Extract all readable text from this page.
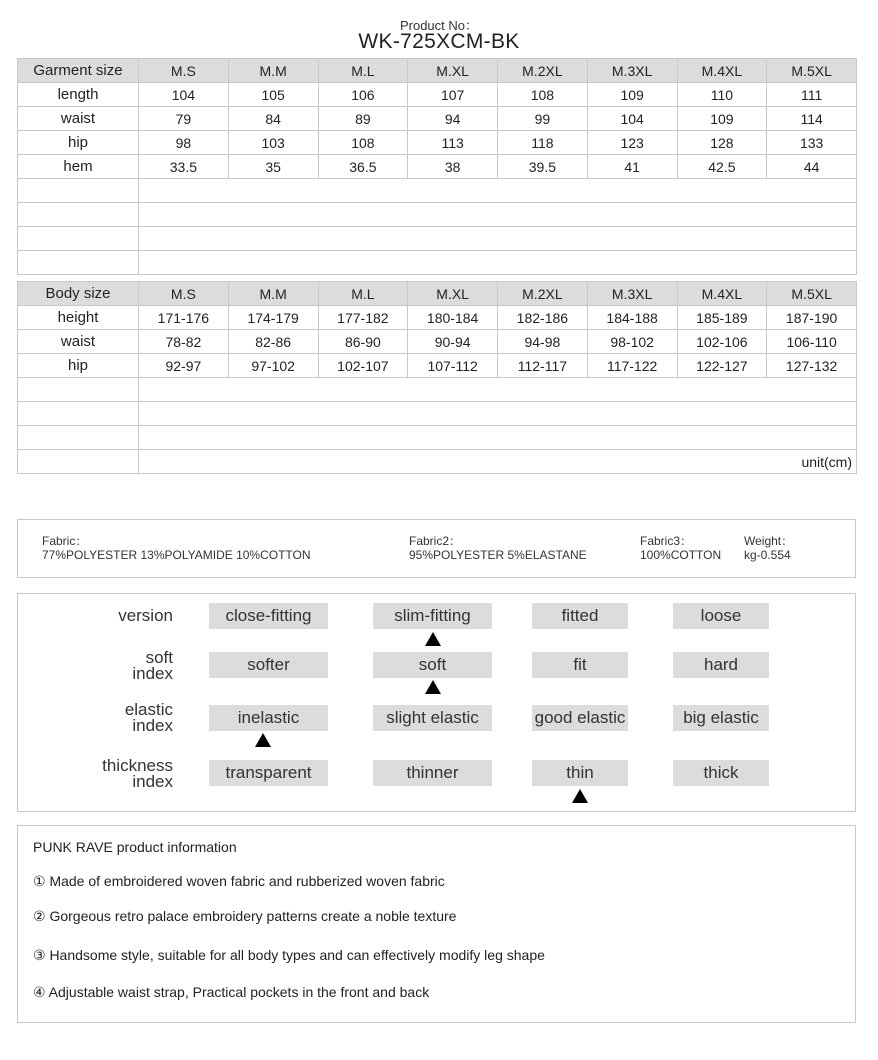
Product No：
WK-725XCM-BK
Garment size	M.S	M.M	M.L	M.XL	M.2XL	M.3XL	M.4XL	M.5XL
length	104	105	106	107	108	109	110	111
waist	79	84	89	94	99	104	109	114
hip	98	103	108	113	118	123	128	133
hem	33.5	35	36.5	38	39.5	41	42.5	44

Body size	M.S	M.M	M.L	M.XL	M.2XL	M.3XL	M.4XL	M.5XL
height	171-176	174-179	177-182	180-184	182-186	184-188	185-189	187-190
waist	78-82	82-86	86-90	90-94	94-98	98-102	102-106	106-110
hip	92-97	97-102	102-107	107-112	112-117	117-122	122-127	127-132

	unit(cm)							
Fabric：
77%POLYESTER 13%POLYAMIDE 10%COTTON
Fabric2：
95%POLYESTER 5%ELASTANE
Fabric3：
100%COTTON
Weight：
kg-0.554
version	close-fitting	slim-fitting	fitted	loose
soft
index	softer	soft	fit	hard
elastic
index	inelastic	slight elastic	good elastic	big elastic
thickness
index	transparent	thinner	thin	thick
PUNK RAVE product information
① Made of embroidered woven fabric and rubberized woven fabric
② Gorgeous retro palace embroidery patterns create a noble texture
③ Handsome style, suitable for all body types and can effectively modify leg shape
④ Adjustable waist strap, Practical pockets in the front and back
